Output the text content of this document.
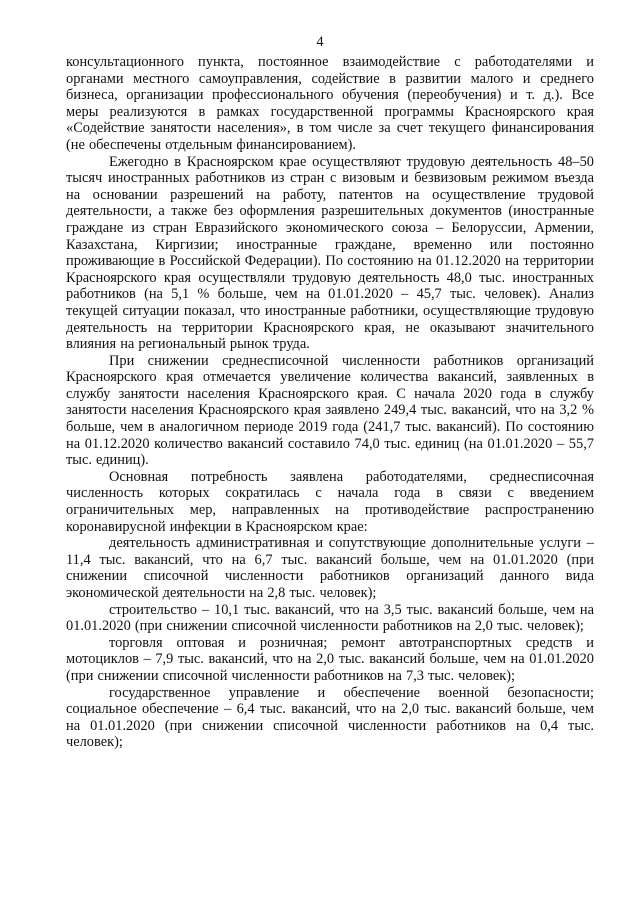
4

консультационного пункта, постоянное взаимодействие с работодателями и органами местного самоуправления, содействие в развитии малого и среднего бизнеса, организации профессионального обучения (переобучения) и т. д.). Все меры реализуются в рамках государственной программы Красноярского края «Содействие занятости населения», в том числе за счет текущего финансирования (не обеспечены отдельным финансированием).

Ежегодно в Красноярском крае осуществляют трудовую деятельность 48–50 тысяч иностранных работников из стран с визовым и безвизовым режимом въезда на основании разрешений на работу, патентов на осуществление трудовой деятельности, а также без оформления разрешительных документов (иностранные граждане из стран Евразийского экономического союза – Белоруссии, Армении, Казахстана, Киргизии; иностранные граждане, временно или постоянно проживающие в Российской Федерации). По состоянию на 01.12.2020 на территории Красноярского края осуществляли трудовую деятельность 48,0 тыс. иностранных работников (на 5,1 % больше, чем на 01.01.2020 – 45,7 тыс. человек). Анализ текущей ситуации показал, что иностранные работники, осуществляющие трудовую деятельность на территории Красноярского края, не оказывают значительного влияния на региональный рынок труда.

При снижении среднесписочной численности работников организаций Красноярского края отмечается увеличение количества вакансий, заявленных в службу занятости населения Красноярского края. С начала 2020 года в службу занятости населения Красноярского края заявлено 249,4 тыс. вакансий, что на 3,2 % больше, чем в аналогичном периоде 2019 года (241,7 тыс. вакансий). По состоянию на 01.12.2020 количество вакансий составило 74,0 тыс. единиц (на 01.01.2020 – 55,7 тыс. единиц).

Основная потребность заявлена работодателями, среднесписочная численность которых сократилась с начала года в связи с введением ограничительных мер, направленных на противодействие распространению коронавирусной инфекции в Красноярском крае:

деятельность административная и сопутствующие дополнительные услуги – 11,4 тыс. вакансий, что на 6,7 тыс. вакансий больше, чем на 01.01.2020 (при снижении списочной численности работников организаций данного вида экономической деятельности на 2,8 тыс. человек);

строительство – 10,1 тыс. вакансий, что на 3,5 тыс. вакансий больше, чем на 01.01.2020 (при снижении списочной численности работников на 2,0 тыс. человек);

торговля оптовая и розничная; ремонт автотранспортных средств и мотоциклов – 7,9 тыс. вакансий, что на 2,0 тыс. вакансий больше, чем на 01.01.2020 (при снижении списочной численности работников на 7,3 тыс. человек);

государственное управление и обеспечение военной безопасности; социальное обеспечение – 6,4 тыс. вакансий, что на 2,0 тыс. вакансий больше, чем на 01.01.2020 (при снижении списочной численности работников на 0,4 тыс. человек);
